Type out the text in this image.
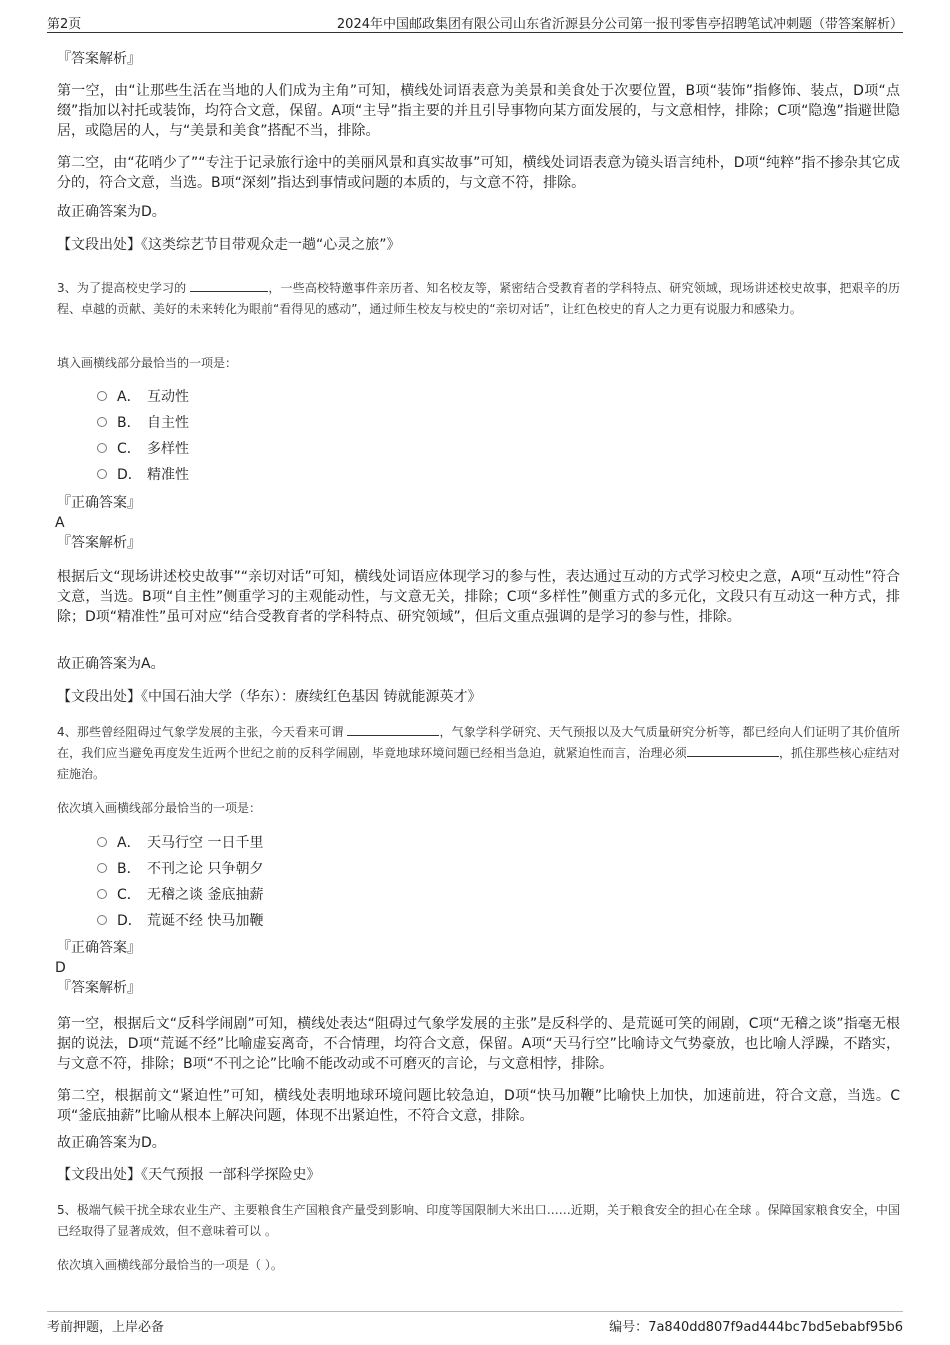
第2页	2024年中国邮政集团有限公司山东省沂源县分公司第一报刊零售亭招聘笔试冲刺题（带答案解析）

『答案解析』

第一空，由“让那些生活在当地的人们成为主角”可知，横线处词语表意为美景和美食处于次要位置，B项“装饰”指修饰、装点，D项“点缀”指加以衬托或装饰，均符合文意，保留。A项“主导”指主要的并且引导事物向某方面发展的，与文意相悖，排除；C项“隐逸”指避世隐居，或隐居的人，与“美景和美食”搭配不当，排除。

第二空，由“花哨少了”“专注于记录旅行途中的美丽风景和真实故事”可知，横线处词语表意为镜头语言纯朴，D项“纯粹”指不掺杂其它成分的，符合文意，当选。B项“深刻”指达到事情或问题的本质的，与文意不符，排除。

故正确答案为D。

【文段出处】《这类综艺节目带观众走一趟“心灵之旅”》

3、为了提高校史学习的	，一些高校特邀事件亲历者、知名校友等，紧密结合受教育者的学科特点、研究领域，现场讲述校史故事，把艰辛的历程、卓越的贡献、美好的未来转化为眼前“看得见的感动”，通过师生校友与校史的“亲切对话”，让红色校史的育人之力更有说服力和感染力。

填入画横线部分最恰当的一项是：

A． 互动性
B． 自主性
C． 多样性
D． 精准性

『正确答案』

A

『答案解析』

根据后文“现场讲述校史故事”“亲切对话”可知，横线处词语应体现学习的参与性，表达通过互动的方式学习校史之意，A项“互动性”符合文意，当选。B项“自主性”侧重学习的主观能动性，与文意无关，排除；C项“多样性”侧重方式的多元化，文段只有互动这一种方式，排除；D项“精准性”虽可对应“结合受教育者的学科特点、研究领域”，但后文重点强调的是学习的参与性，排除。

故正确答案为A。

【文段出处】《中国石油大学（华东）：赓续红色基因 铸就能源英才》

4、那些曾经阻碍过气象学发展的主张，今天看来可谓	，气象学科学研究、天气预报以及大气质量研究分析等，都已经向人们证明了其价值所在，我们应当避免再度发生近两个世纪之前的反科学闹剧，毕竟地球环境问题已经相当急迫，就紧迫性而言，治理必须	，抓住那些核心症结对症施治。

依次填入画横线部分最恰当的一项是：

A． 天马行空 一日千里
B． 不刊之论 只争朝夕
C． 无稽之谈 釜底抽薪
D． 荒诞不经 快马加鞭

『正确答案』

D

『答案解析』

第一空，根据后文“反科学闹剧”可知，横线处表达“阻碍过气象学发展的主张”是反科学的、是荒诞可笑的闹剧，C项“无稽之谈”指毫无根据的说法，D项“荒诞不经”比喻虚妄离奇，不合情理，均符合文意，保留。A项“天马行空”比喻诗文气势豪放，也比喻人浮躁，不踏实，与文意不符，排除；B项“不刊之论”比喻不能改动或不可磨灭的言论，与文意相悖，排除。

第二空，根据前文“紧迫性”可知，横线处表明地球环境问题比较急迫，D项“快马加鞭”比喻快上加快，加速前进，符合文意，当选。C项“釜底抽薪”比喻从根本上解决问题，体现不出紧迫性，不符合文意，排除。

故正确答案为D。

【文段出处】《天气预报 一部科学探险史》

5、极端气候干扰全球农业生产、主要粮食生产国粮食产量受到影响、印度等国限制大米出口……近期，关于粮食安全的担心在全球 。保障国家粮食安全，中国已经取得了显著成效，但不意味着可以 。

依次填入画横线部分最恰当的一项是（ ）。

考前押题，上岸必备	编号：7a840dd807f9ad444bc7bd5ebabf95b6
